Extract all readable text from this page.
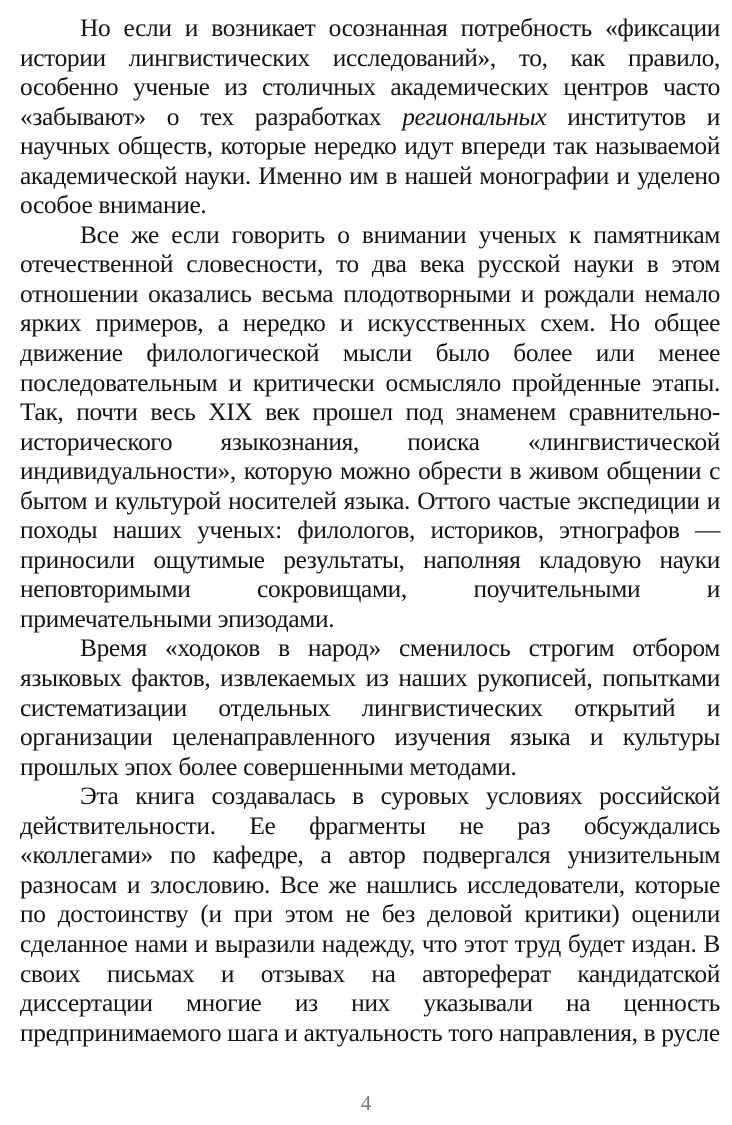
Но если и возникает осознанная потребность «фиксации истории лингвистических исследований», то, как правило, особенно ученые из столичных академических центров часто «забывают» о тех разработках региональных институтов и научных обществ, которые нередко идут впереди так называемой академической науки. Именно им в нашей монографии и уделено особое внимание.

Все же если говорить о внимании ученых к памятникам отечественной словесности, то два века русской науки в этом отношении оказались весьма плодотворными и рождали немало ярких примеров, а нередко и искусственных схем. Но общее движение филологической мысли было более или менее последовательным и критически осмысляло пройденные этапы. Так, почти весь XIX век прошел под знаменем сравнительно-исторического языкознания, поиска «лингвистической индивидуальности», которую можно обрести в живом общении с бытом и культурой носителей языка. Оттого частые экспедиции и походы наших ученых: филологов, историков, этнографов — приносили ощутимые результаты, наполняя кладовую науки неповторимыми сокровищами, поучительными и примечательными эпизодами.

Время «ходоков в народ» сменилось строгим отбором языковых фактов, извлекаемых из наших рукописей, попытками систематизации отдельных лингвистических открытий и организации целенаправленного изучения языка и культуры прошлых эпох более совершенными методами.

Эта книга создавалась в суровых условиях российской действительности. Ее фрагменты не раз обсуждались «коллегами» по кафедре, а автор подвергался унизительным разносам и злословию. Все же нашлись исследователи, которые по достоинству (и при этом не без деловой критики) оценили сделанное нами и выразили надежду, что этот труд будет издан. В своих письмах и отзывах на автореферат кандидатской диссертации многие из них указывали на ценность предпринимаемого шага и актуальность того направления, в русле

4
